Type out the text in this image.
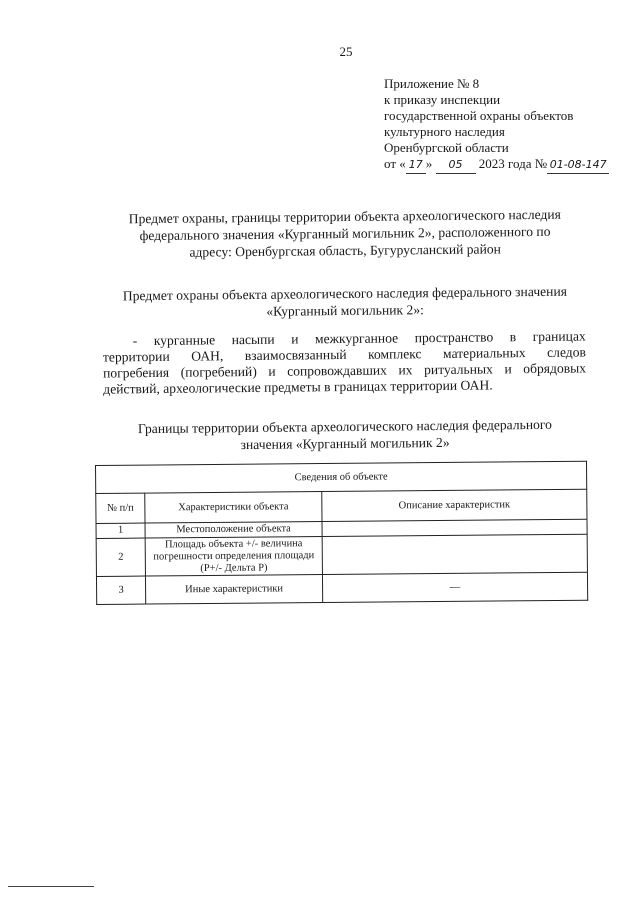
25
Приложение № 8
к приказу инспекции
государственной охраны объектов
культурного наследия
Оренбургской области
от « 17 » 05 2023 года № 01-08-147
Предмет охраны, границы территории объекта археологического наследия
федерального значения «Курганный могильник 2», расположенного по
адресу: Оренбургская область, Бугурусланский район
Предмет охраны объекта археологического наследия федерального значения
«Курганный могильник 2»:
- курганные насыпи и межкурганное пространство в границах
территории ОАН, взаимосвязанный комплекс материальных следов
погребения (погребений) и сопровождавших их ритуальных и обрядовых
действий, археологические предметы в границах территории ОАН.
Границы территории объекта археологического наследия федерального
значения «Курганный могильник 2»
Сведения об объекте		
№ п/п	Характеристики объекта	Описание характеристик
1	Местоположение объекта	
2	Площадь объекта +/- величина погрешности определения площади (P+/- Дельта P)	
3	Иные характеристики	—
